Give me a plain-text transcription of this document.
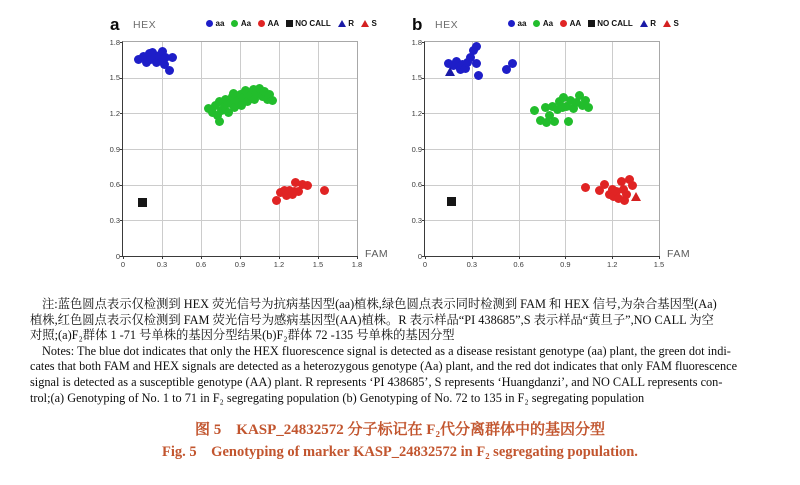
a HEX	aa Aa AA NO CALL R S
0	0.3	0.6	0.9	1.2	1.5	1.8
0
0.3
0.6
0.9
1.2
1.5
1.8
FAM
b HEX	aa Aa AA NO CALL R S
0	0.3	0.6	0.9	1.2	1.5
0
0.3
0.6
0.9
1.2
1.5
1.8
FAM
注:蓝色圆点表示仅检测到 HEX 荧光信号为抗病基因型(aa)植株,绿色圆点表示同时检测到 FAM 和 HEX 信号,为杂合基因型(Aa)
植株,红色圆点表示仅检测到 FAM 荧光信号为感病基因型(AA)植株。R 表示样品“PI 438685”,S 表示样品“黄旦子”,NO CALL 为空
对照;(a)F₂群体 1 -71 号单株的基因分型结果(b)F₂群体 72 -135 号单株的基因分型
Notes: The blue dot indicates that only the HEX fluorescence signal is detected as a disease resistant genotype (aa) plant, the green dot indi-
cates that both FAM and HEX signals are detected as a heterozygous genotype (Aa) plant, and the red dot indicates that only FAM fluorescence
signal is detected as a susceptible genotype (AA) plant. R represents ‘PI 438685’, S represents ‘Huangdanzi’, and NO CALL represents con-
trol;(a) Genotyping of No. 1 to 71 in F₂ segregating population (b) Genotyping of No. 72 to 135 in F₂ segregating population
图 5　KASP_24832572 分子标记在 F₂代分离群体中的基因分型
Fig. 5　Genotyping of marker KASP_24832572 in F₂ segregating population.
